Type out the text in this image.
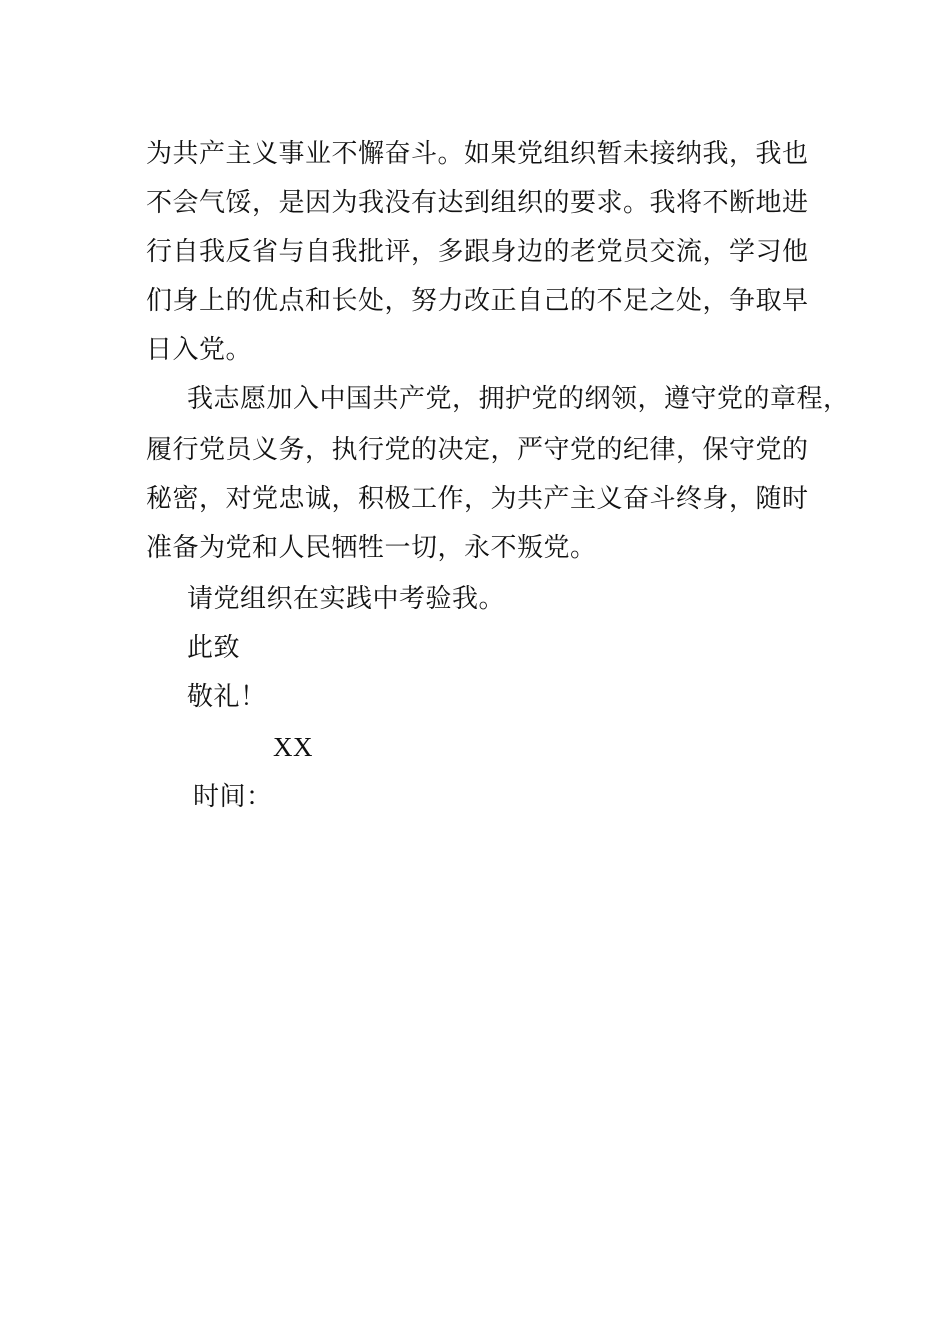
为共产主义事业不懈奋斗。如果党组织暂未接纳我，我也
不会气馁，是因为我没有达到组织的要求。我将不断地进
行自我反省与自我批评，多跟身边的老党员交流，学习他
们身上的优点和长处，努力改正自己的不足之处，争取早
日入党。
我志愿加入中国共产党，拥护党的纲领，遵守党的章程，
履行党员义务，执行党的决定，严守党的纪律，保守党的
秘密，对党忠诚，积极工作，为共产主义奋斗终身，随时
准备为党和人民牺牲一切，永不叛党。
请党组织在实践中考验我。
此致
敬礼！
XX
时间：
